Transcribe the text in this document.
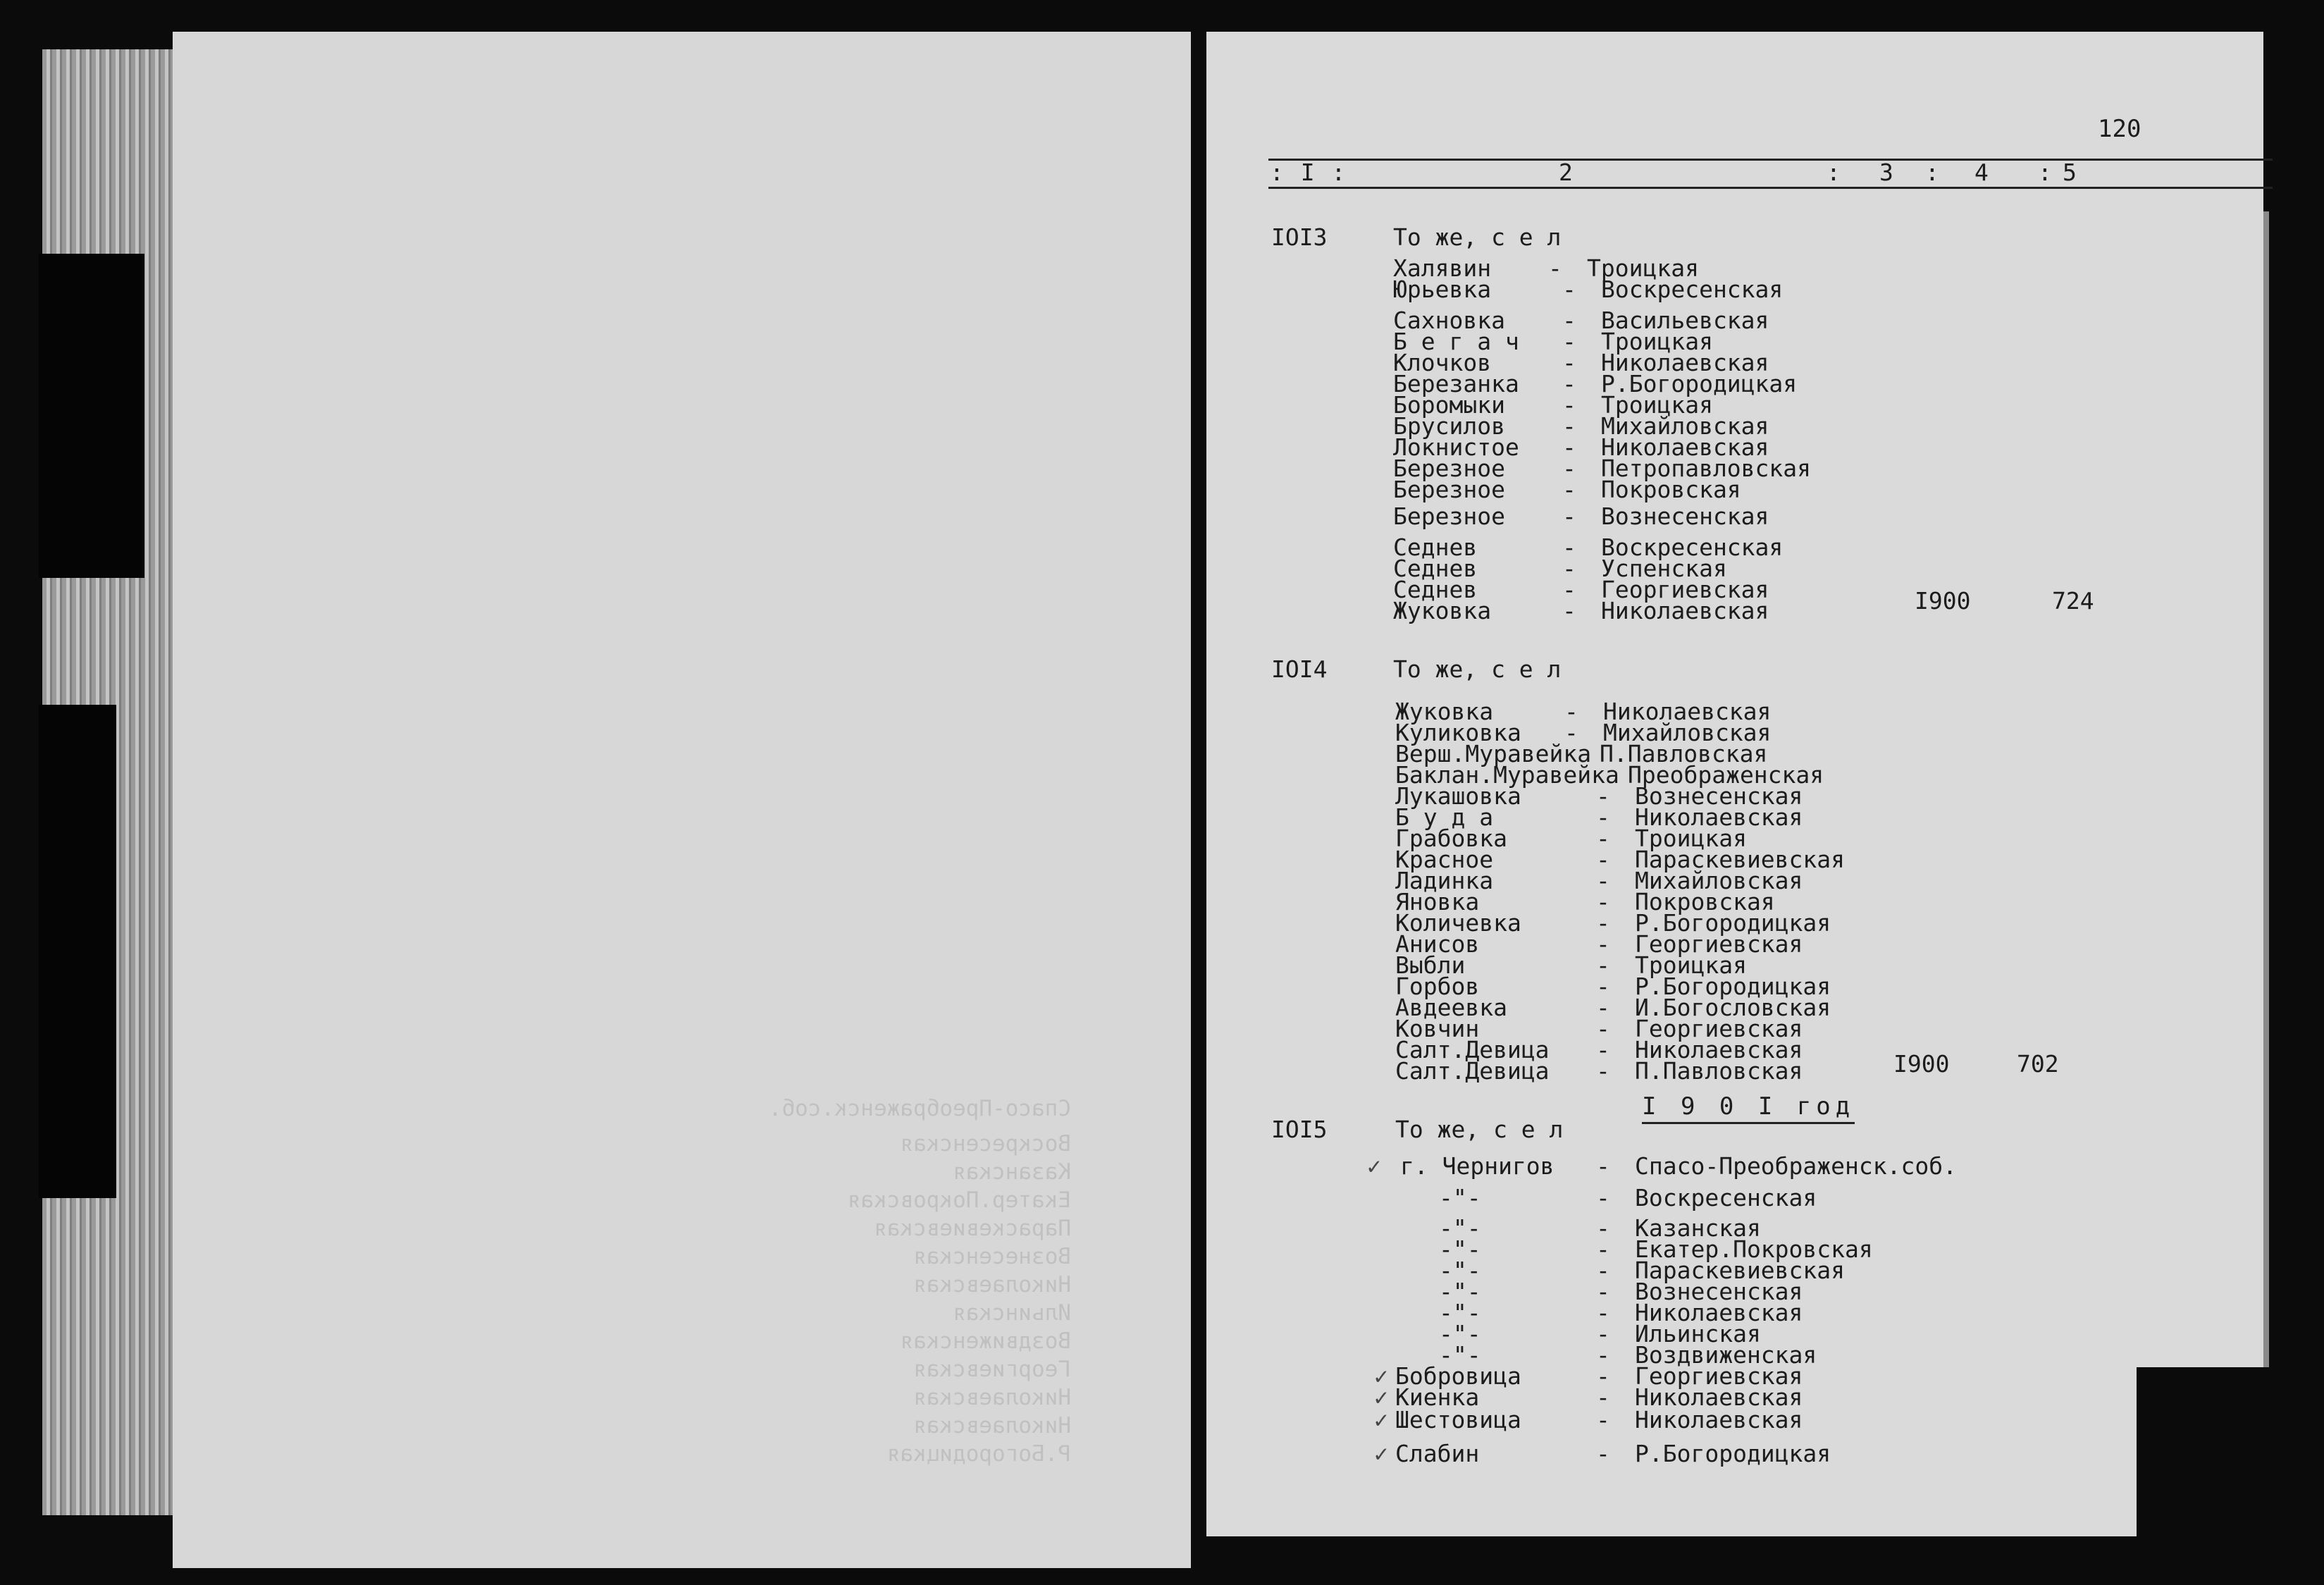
Спасо-Преображенск.соб.
Воскресенская
Казанская
Екатер.Покровская
Параскевиевская
Вознесенская
Николаевская
Ильинская
Воздвиженская
Георгиевская
Николаевская
Николаевская
Р.Богородицкая
120
: I :	2	: 3 : 4 : 5
IOI3	То же, с е л
Халявин - Троицкая
Юрьевка	- Воскресенская
Сахновка - Васильевская
Б е г а ч - Троицкая
Клочков	- Николаевская
Березанка - Р.Богородицкая
Боромыки - Троицкая
Брусилов - Михайловская
Локнистое - Николаевская
Березное - Петропавловская
Березное - Покровская
Березное - Вознесенская
Седнев	- Воскресенская
Седнев	- Успенская
Седнев	- Георгиевская
Жуковка	- Николаевская	I900	724
IOI4	То же, с е л
Жуковка	- Николаевская
Куликовка - Михайловская
Верш.Муравейка П.Павловская
Баклан.Муравейка Преображенская
Лукашовка	- Вознесенская
Б у д а	- Николаевская
Грабовка	- Троицкая
Красное	- Параскевиевская
Ладинка	- Михайловская
Яновка	- Покровская
Количевка	- Р.Богородицкая
Анисов	- Георгиевская
Выбли	- Троицкая
Горбов	- Р.Богородицкая
Авдеевка	- И.Богословская
Ковчин	- Георгиевская
Салт.Девица - Николаевская
Салт.Девица - П.Павловская	I900	702
I 9 0 I год
IOI5	То же, с е л
✓ г. Чернигов - Спасо-Преображенск.соб.
-"-	- Воскресенская
-"-	- Казанская
-"-	- Екатер.Покровская
-"-	- Параскевиевская
-"-	- Вознесенская
-"-	- Николаевская
-"-	- Ильинская
-"-	- Воздвиженская
✓ Бобровица	- Георгиевская
✓ Киенка	- Николаевская
✓ Шестовица	- Николаевская
✓ Слабин	- Р.Богородицкая
